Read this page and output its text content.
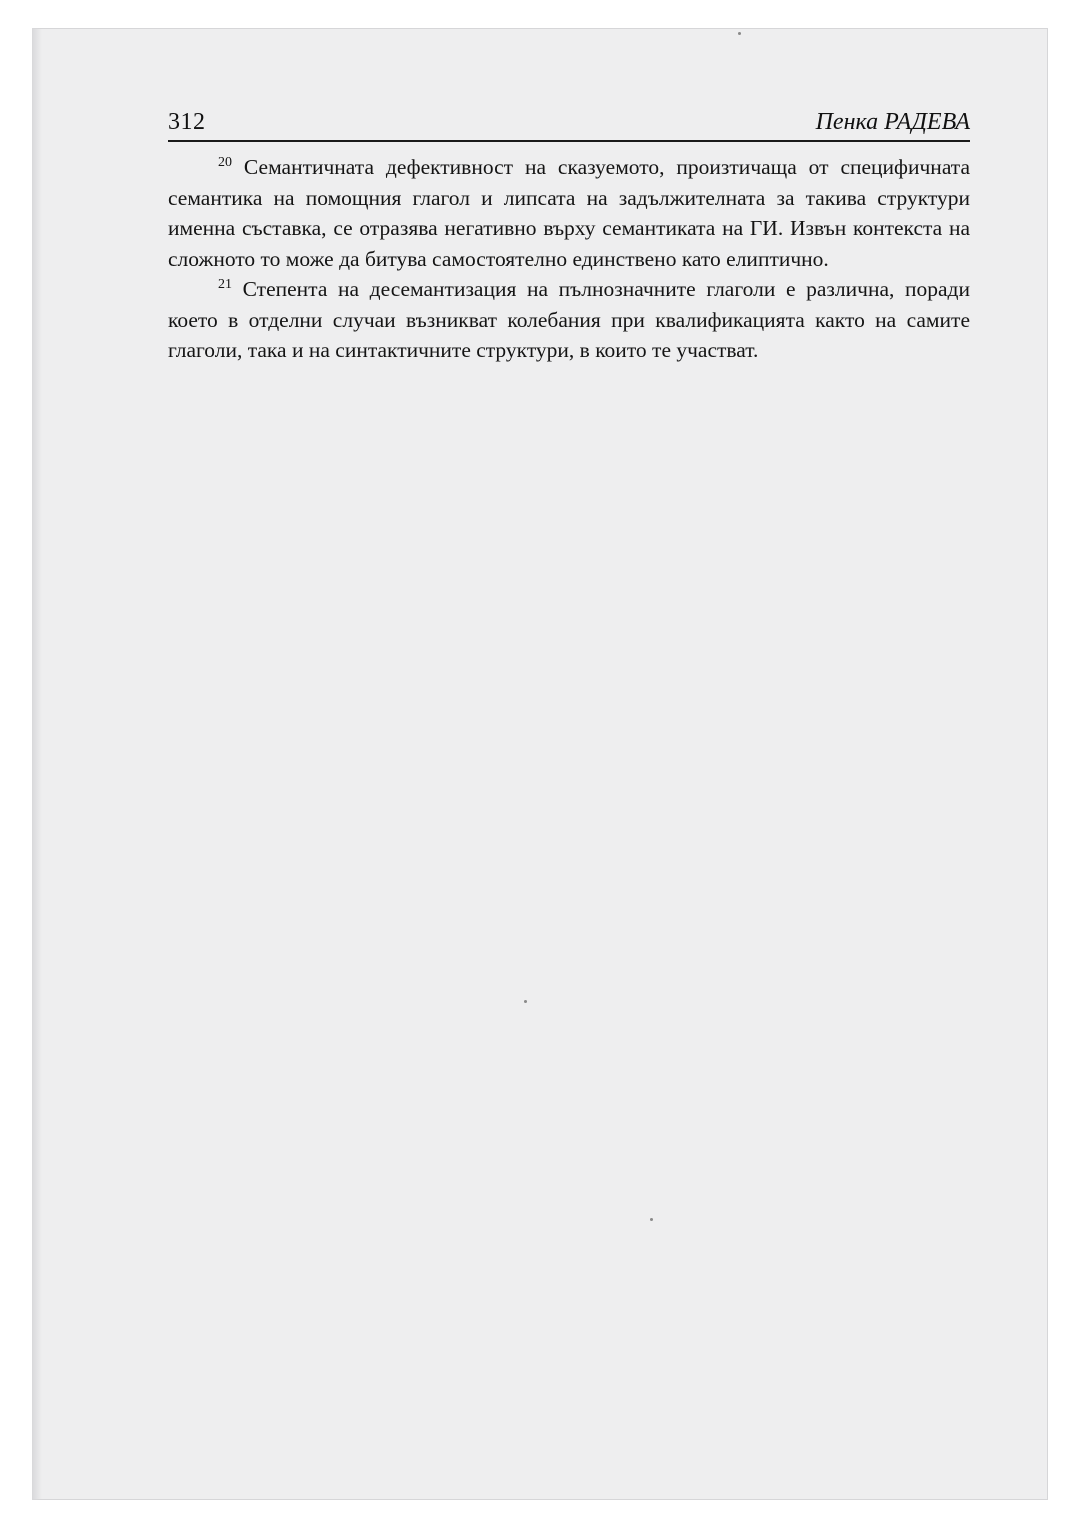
312	Пенка РАДЕВА

$^{20}$ Семантичната дефективност на сказуемото, произтичаща от специфичната семантика на помощния глагол и липсата на задължителната за такива структури именна съставка, се отразява негативно върху семантиката на ГИ. Извън контекста на сложното то може да битува самостоятелно единствено като елиптично.

$^{21}$ Степента на десемантизация на пълнозначните глаголи е различна, поради което в отделни случаи възникват колебания при квалификацията както на самите глаголи, така и на синтактичните структури, в които те участват.
